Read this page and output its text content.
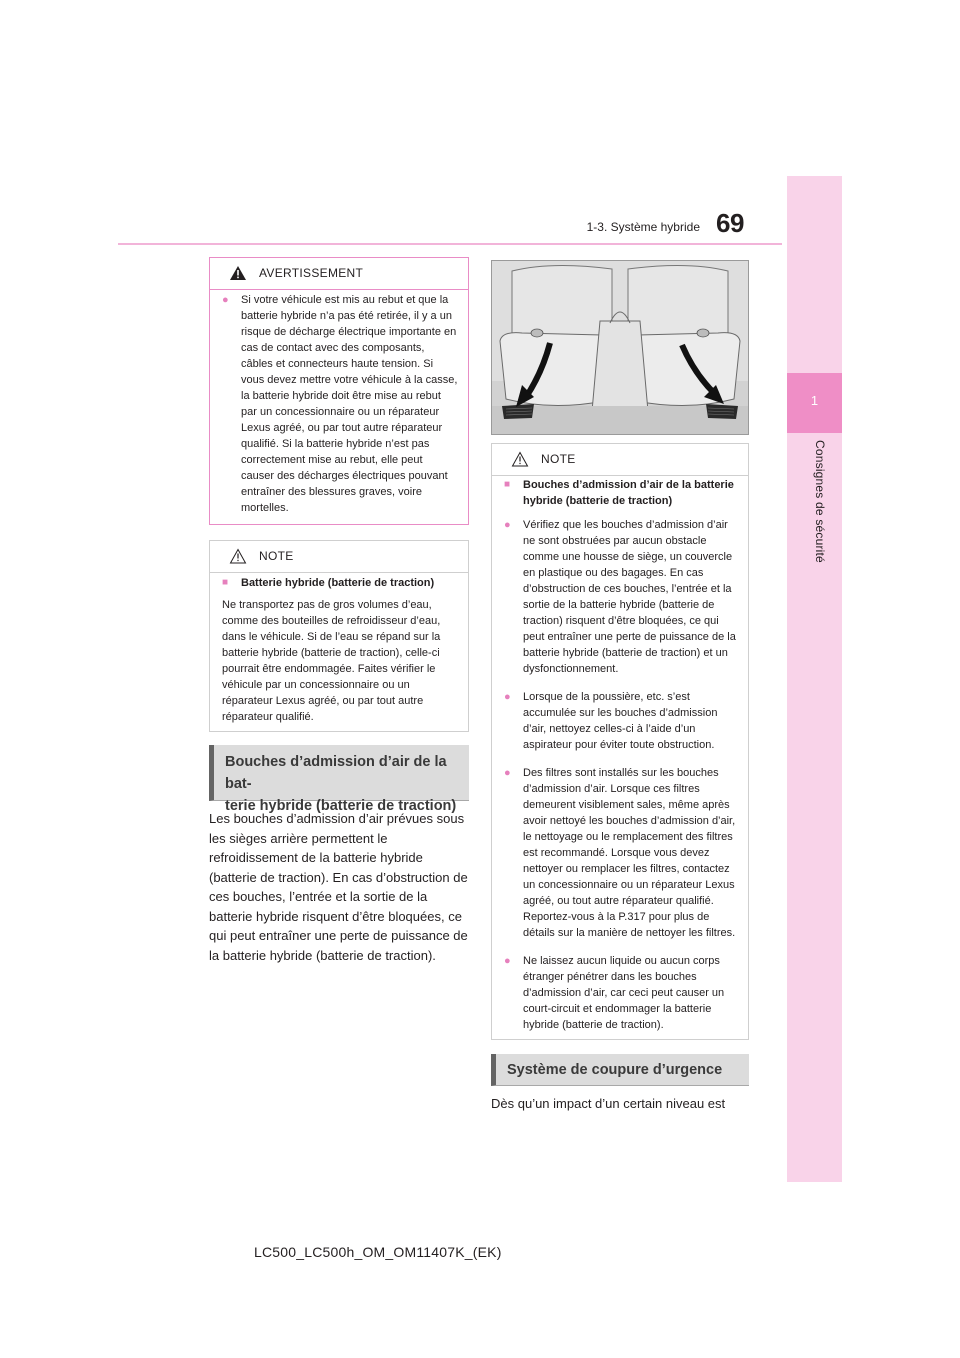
69
1-3. Système hybride
1
Consignes de sécurité
AVERTISSEMENT
● Si votre véhicule est mis au rebut et que la batterie hybride n’a pas été retirée, il y a un risque de décharge électrique importante en cas de contact avec des composants, câbles et connecteurs haute tension. Si vous devez mettre votre véhicule à la casse, la batterie hybride doit être mise au rebut par un concessionnaire ou un réparateur Lexus agréé, ou par tout autre réparateur qualifié. Si la batterie hybride n’est pas correctement mise au rebut, elle peut causer des décharges électriques pouvant entraîner des blessures graves, voire mortelles.
NOTE
■ Batterie hybride (batterie de traction)
Ne transportez pas de gros volumes d’eau, comme des bouteilles de refroidisseur d’eau, dans le véhicule. Si de l’eau se répand sur la batterie hybride (batterie de traction), celle-ci pourrait être endommagée. Faites vérifier le véhicule par un concessionnaire ou un réparateur Lexus agréé, ou par tout autre réparateur qualifié.
Bouches d’admission d’air de la bat-
terie hybride (batterie de traction)
Les bouches d’admission d’air prévues sous les sièges arrière permettent le refroidissement de la batterie hybride (batterie de traction). En cas d’obstruction de ces bouches, l’entrée et la sortie de la batterie hybride risquent d’être bloquées, ce qui peut entraîner une perte de puissance de la batterie hybride (batterie de traction).
NOTE
■ Bouches d’admission d’air de la batterie hybride (batterie de traction)
● Vérifiez que les bouches d’admission d’air ne sont obstruées par aucun obstacle comme une housse de siège, un couvercle en plastique ou des bagages. En cas d’obstruction de ces bouches, l’entrée et la sortie de la batterie hybride (batterie de traction) risquent d’être bloquées, ce qui peut entraîner une perte de puissance de la batterie hybride (batterie de traction) et un dysfonctionnement.
● Lorsque de la poussière, etc. s’est accumulée sur les bouches d’admission d’air, nettoyez celles-ci à l’aide d’un aspirateur pour éviter toute obstruction.
● Des filtres sont installés sur les bouches d’admission d’air. Lorsque ces filtres demeurent visiblement sales, même après avoir nettoyé les bouches d’admission d’air, le nettoyage ou le remplacement des filtres est recommandé. Lorsque vous devez nettoyer ou remplacer les filtres, contactez un concessionnaire ou un réparateur Lexus agréé, ou tout autre réparateur qualifié. Reportez-vous à la P.317 pour plus de détails sur la manière de nettoyer les filtres.
● Ne laissez aucun liquide ou aucun corps étranger pénétrer dans les bouches d’admission d’air, car ceci peut causer un court-circuit et endommager la batterie hybride (batterie de traction).
Système de coupure d’urgence
Dès qu’un impact d’un certain niveau est
LC500_LC500h_OM_OM11407K_(EK)
